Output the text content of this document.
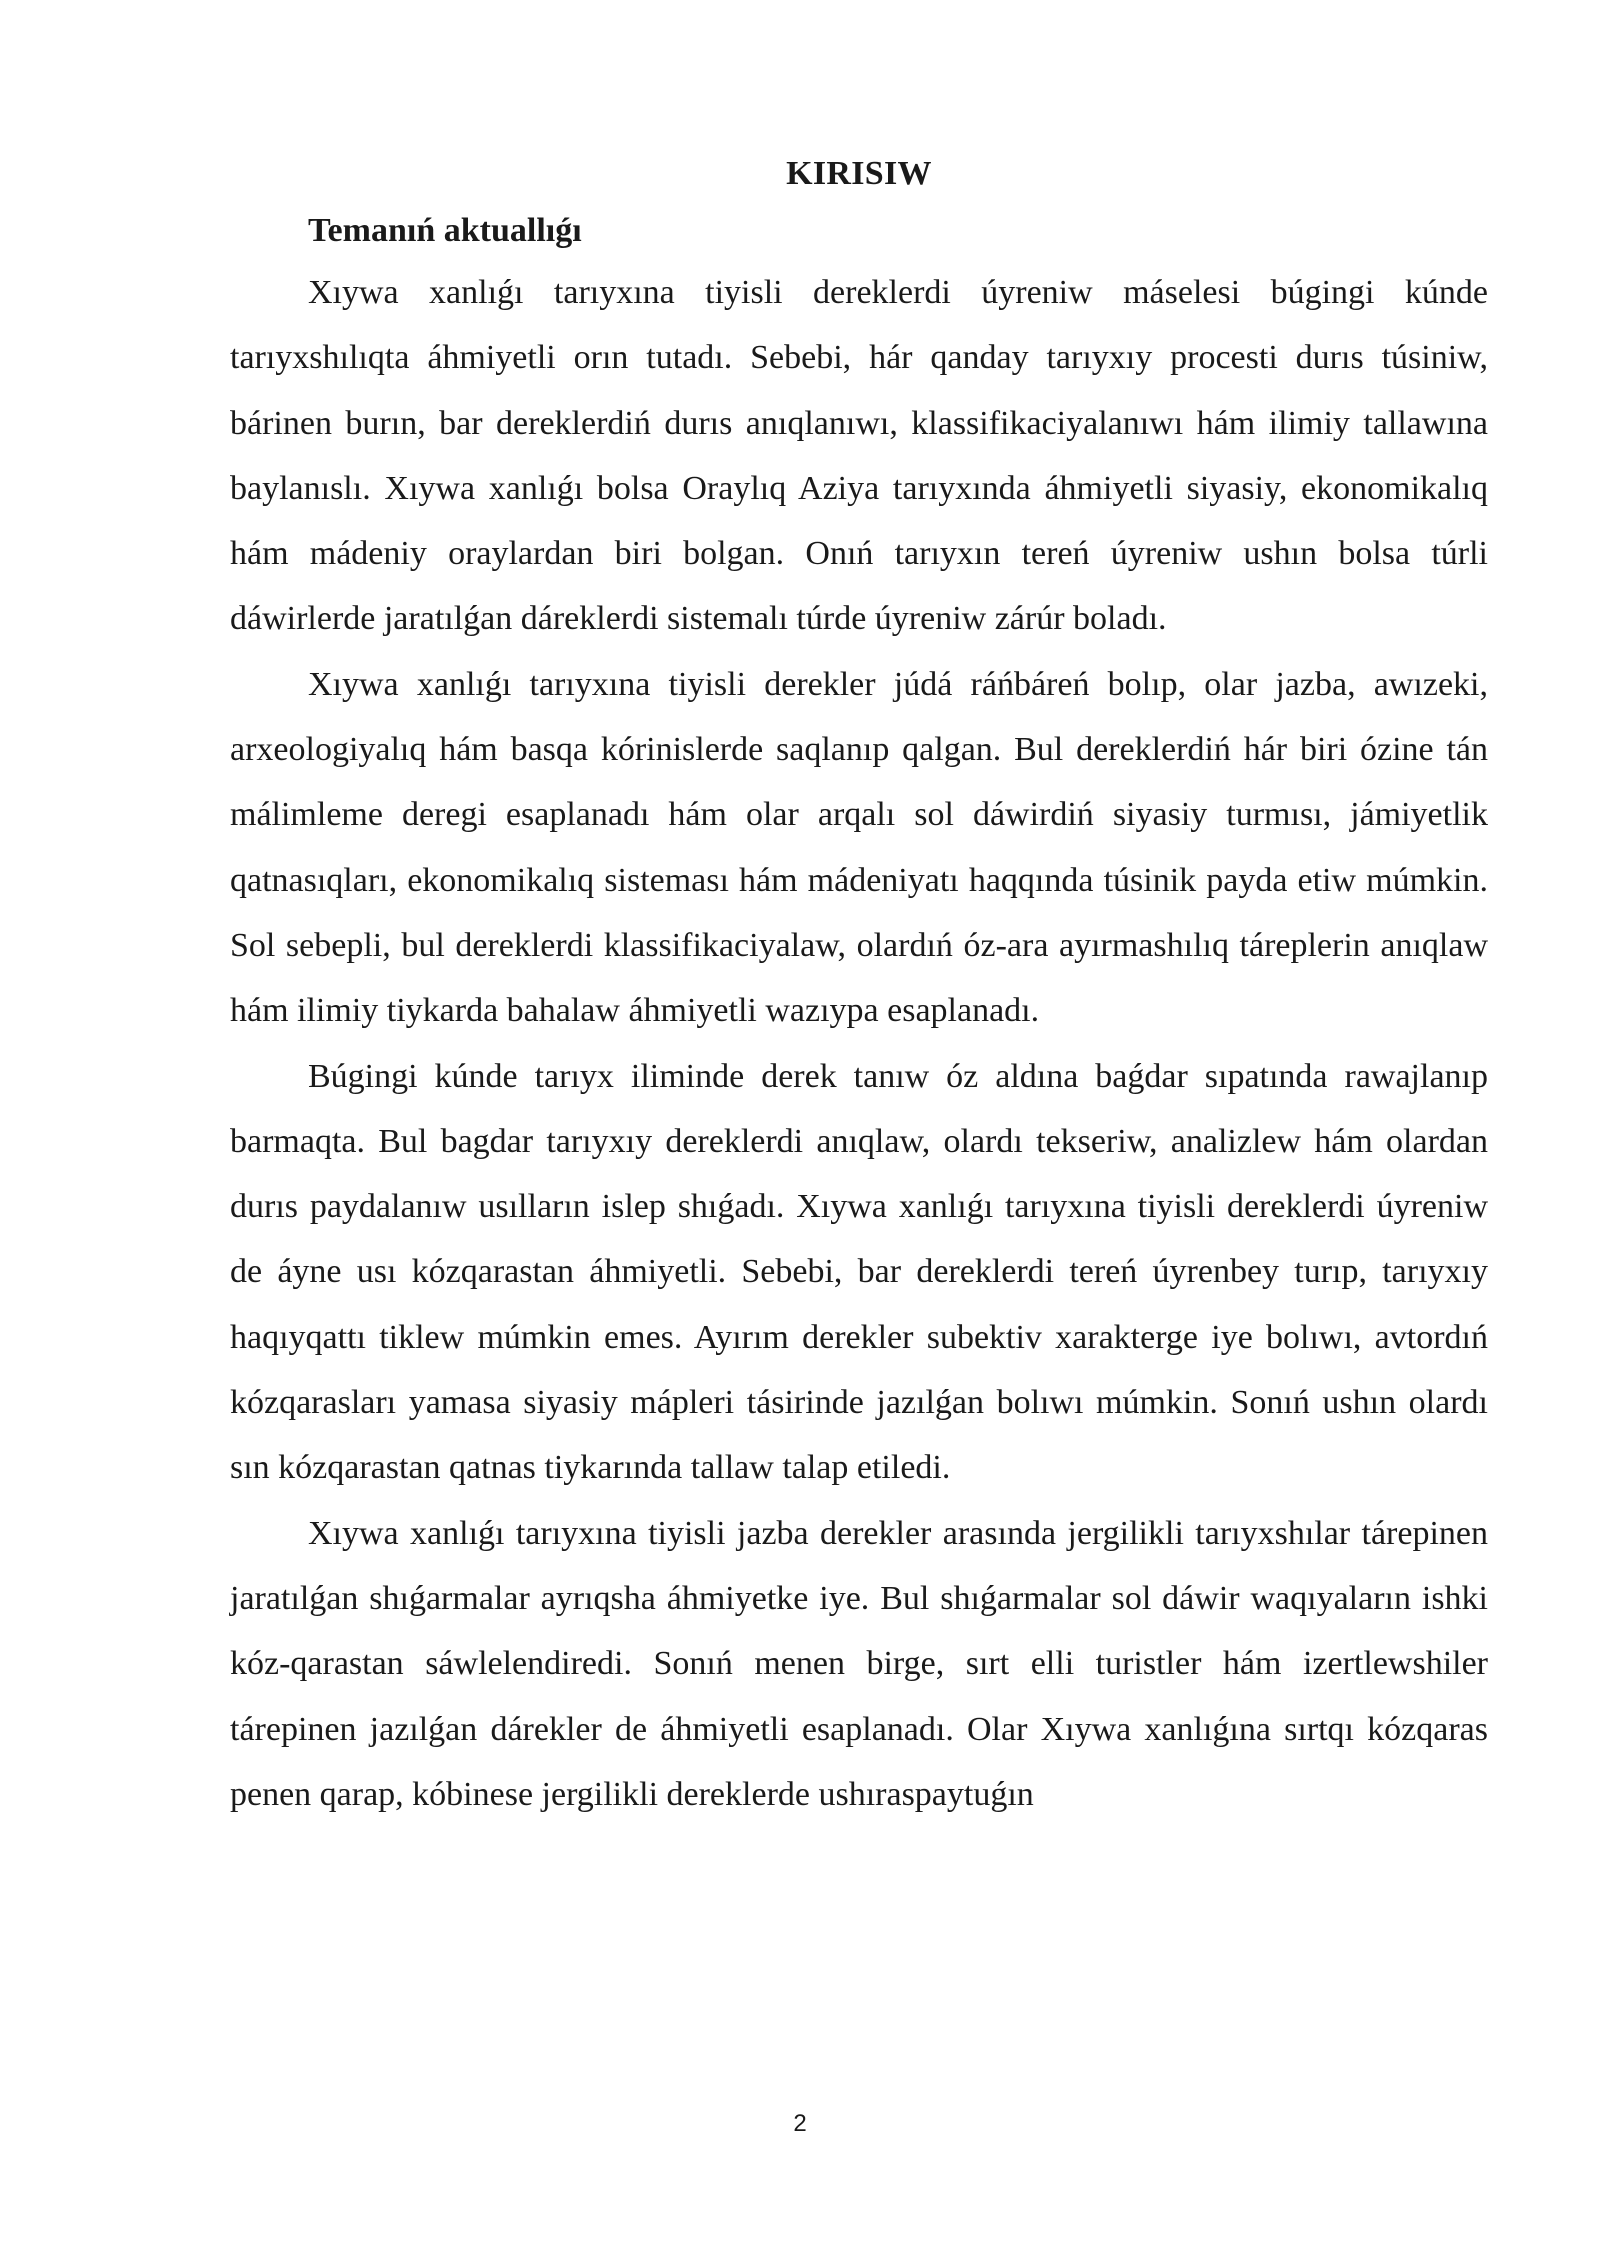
KIRISIW
Temanıń aktuallıǵı

Xıywa xanlıǵı tarıyxına tiyisli dereklerdi úyreniw máselesi búgingi kúnde tarıyxshılıqta áhmiyetli orın tutadı. Sebebi, hár qanday tarıyxıy procesti durıs túsiniw, bárinen burın, bar dereklerdiń durıs anıqlanıwı, klassifikaciyalanıwı hám ilimiy tallawına baylanıslı. Xıywa xanlıǵı bolsa Oraylıq Aziya tarıyxında áhmiyetli siyasiy, ekonomikalıq hám mádeniy oraylardan biri bolgan. Onıń tarıyxın tereń úyreniw ushın bolsa túrli dáwirlerde jaratılǵan dáreklerdi sistemalı túrde úyreniw zárúr boladı.

Xıywa xanlıǵı tarıyxına tiyisli derekler júdá ráńbáreń bolıp, olar jazba, awızeki, arxeologiyalıq hám basqa kórinislerde saqlanıp qalgan. Bul dereklerdiń hár biri ózine tán málimleme deregi esaplanadı hám olar arqalı sol dáwirdiń siyasiy turmısı, jámiyetlik qatnasıqları, ekonomikalıq sisteması hám mádeniyatı haqqında túsinik payda etiw múmkin. Sol sebepli, bul dereklerdi klassifikaciyalaw, olardıń óz-ara ayırmashılıq táreplerin anıqlaw hám ilimiy tiykarda bahalaw áhmiyetli wazıypa esaplanadı.

Búgingi kúnde tarıyx iliminde derek tanıw óz aldına baǵdar sıpatında rawajlanıp barmaqta. Bul bagdar tarıyxıy dereklerdi anıqlaw, olardı tekseriw, analizlew hám olardan durıs paydalanıw usılların islep shıǵadı. Xıywa xanlıǵı tarıyxına tiyisli dereklerdi úyreniw de áyne usı kózqarastan áhmiyetli. Sebebi, bar dereklerdi tereń úyrenbey turıp, tarıyxıy haqıyqattı tiklew múmkin emes. Ayırım derekler subektiv xarakterge iye bolıwı, avtordıń kózqarasları yamasa siyasiy mápleri tásirinde jazılǵan bolıwı múmkin. Sonıń ushın olardı sın kózqarastan qatnas tiykarında tallaw talap etiledi.

Xıywa xanlıǵı tarıyxına tiyisli jazba derekler arasında jergilikli tarıyxshılar tárepinen jaratılǵan shıǵarmalar ayrıqsha áhmiyetke iye. Bul shıǵarmalar sol dáwir waqıyaların ishki kóz-qarastan sáwlelendiredi. Sonıń menen birge, sırt elli turistler hám izertlewshiler tárepinen jazılǵan dárekler de áhmiyetli esaplanadı. Olar Xıywa xanlıǵına sırtqı kózqaras penen qarap, kóbinese jergilikli dereklerde ushıraspaytuǵın

2
